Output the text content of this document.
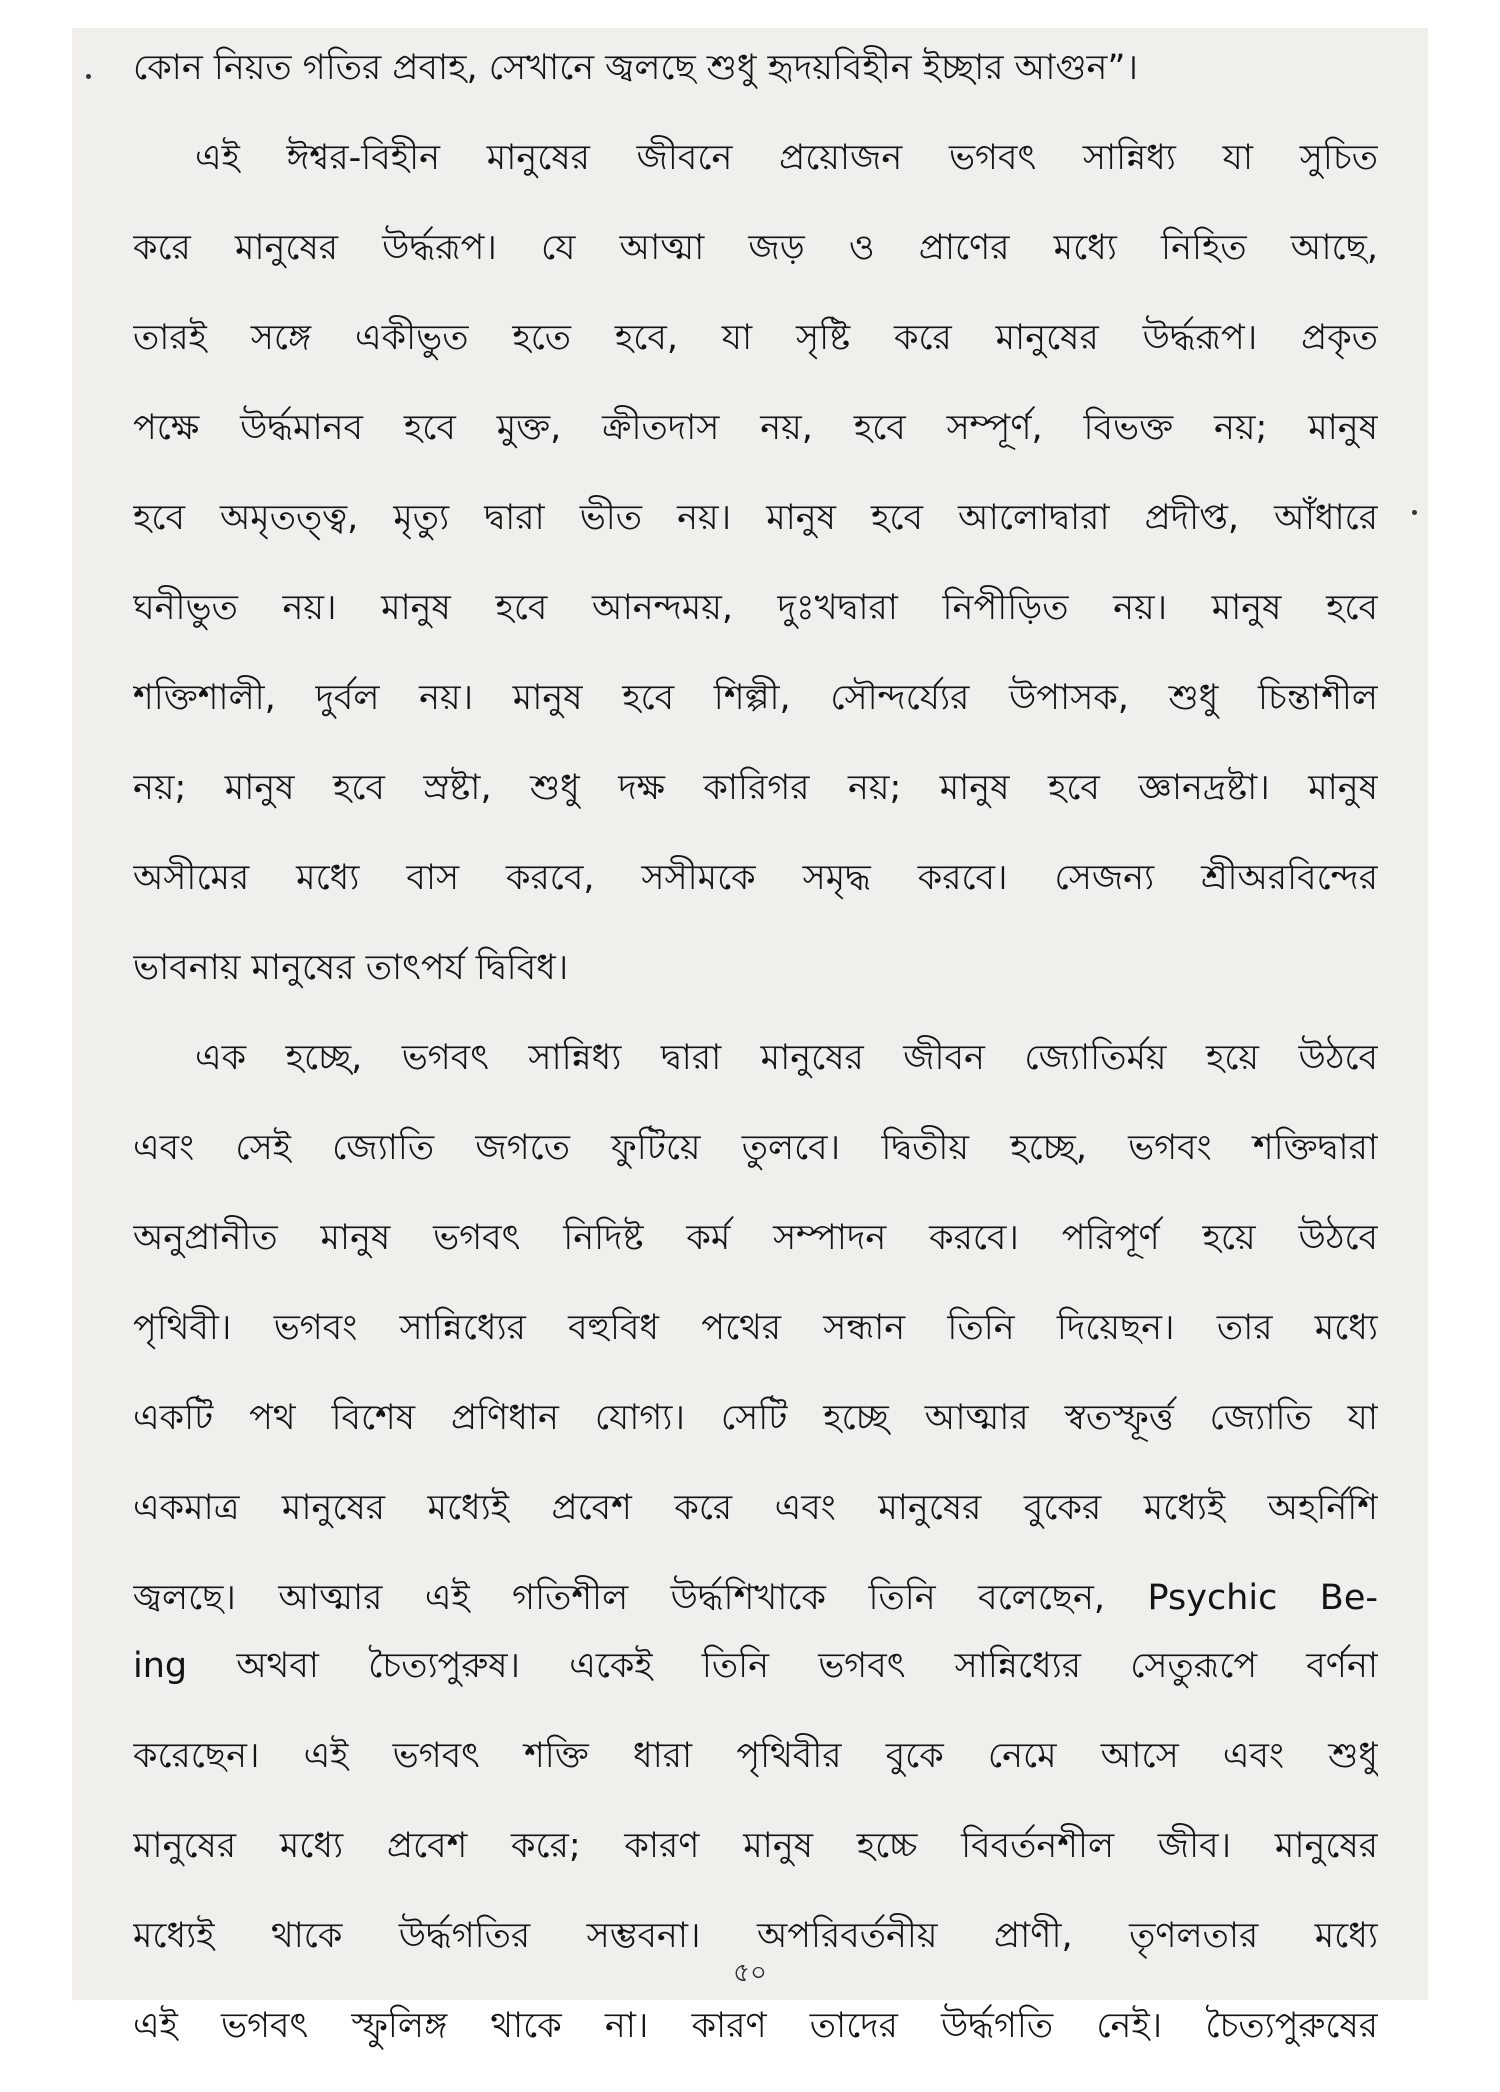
কোন নিয়ত গতির প্রবাহ, সেখানে জ্বলছে শুধু হৃদয়বিহীন ইচ্ছার আগুন”।
এই ঈশ্বর-বিহীন মানুষের জীবনে প্রয়োজন ভগবৎ সান্নিধ্য যা সুচিত
করে মানুষের উর্দ্ধরূপ। যে আত্মা জড় ও প্রাণের মধ্যে নিহিত আছে,
তারই সঙ্গে একীভুত হতে হবে, যা সৃষ্টি করে মানুষের উর্দ্ধরূপ। প্রকৃত
পক্ষে উর্দ্ধমানব হবে মুক্ত, ক্রীতদাস নয়, হবে সম্পূর্ণ, বিভক্ত নয়; মানুষ
হবে অমৃতত্ত্ব, মৃত্যু দ্বারা ভীত নয়। মানুষ হবে আলোদ্বারা প্রদীপ্ত, আঁধারে
ঘনীভুত নয়। মানুষ হবে আনন্দময়, দুঃখদ্বারা নিপীড়িত নয়। মানুষ হবে
শক্তিশালী, দুর্বল নয়। মানুষ হবে শিল্পী, সৌন্দর্য্যের উপাসক, শুধু চিন্তাশীল
নয়; মানুষ হবে স্রষ্টা, শুধু দক্ষ কারিগর নয়; মানুষ হবে জ্ঞানদ্রষ্টা। মানুষ
অসীমের মধ্যে বাস করবে, সসীমকে সমৃদ্ধ করবে। সেজন্য শ্রীঅরবিন্দের
ভাবনায় মানুষের তাৎপর্য দ্বিবিধ।
এক হচ্ছে, ভগবৎ সান্নিধ্য দ্বারা মানুষের জীবন জ্যোতির্ময় হয়ে উঠবে
এবং সেই জ্যোতি জগতে ফুটিয়ে তুলবে। দ্বিতীয় হচ্ছে, ভগবং শক্তিদ্বারা
অনুপ্রানীত মানুষ ভগবৎ নিদিষ্ট কর্ম সম্পাদন করবে। পরিপূর্ণ হয়ে উঠবে
পৃথিবী। ভগবং সান্নিধ্যের বহুবিধ পথের সন্ধান তিনি দিয়েছন। তার মধ্যে
একটি পথ বিশেষ প্রণিধান যোগ্য। সেটি হচ্ছে আত্মার স্বতস্ফূর্ত্ত জ্যোতি যা
একমাত্র মানুষের মধ্যেই প্রবেশ করে এবং মানুষের বুকের মধ্যেই অহর্নিশি
জ্বলছে। আত্মার এই গতিশীল উর্দ্ধশিখাকে তিনি বলেছেন, Psychic Be-
ing অথবা চৈত্যপুরুষ। একেই তিনি ভগবৎ সান্নিধ্যের সেতুরূপে বর্ণনা
করেছেন। এই ভগবৎ শক্তি ধারা পৃথিবীর বুকে নেমে আসে এবং শুধু
মানুষের মধ্যে প্রবেশ করে; কারণ মানুষ হচ্চে বিবর্তনশীল জীব। মানুষের
মধ্যেই থাকে উর্দ্ধগতির সম্ভবনা। অপরিবর্তনীয় প্রাণী, তৃণলতার মধ্যে
এই ভগবৎ স্ফুলিঙ্গ থাকে না। কারণ তাদের উর্দ্ধগতি নেই। চৈত্যপুরুষের
৫০
